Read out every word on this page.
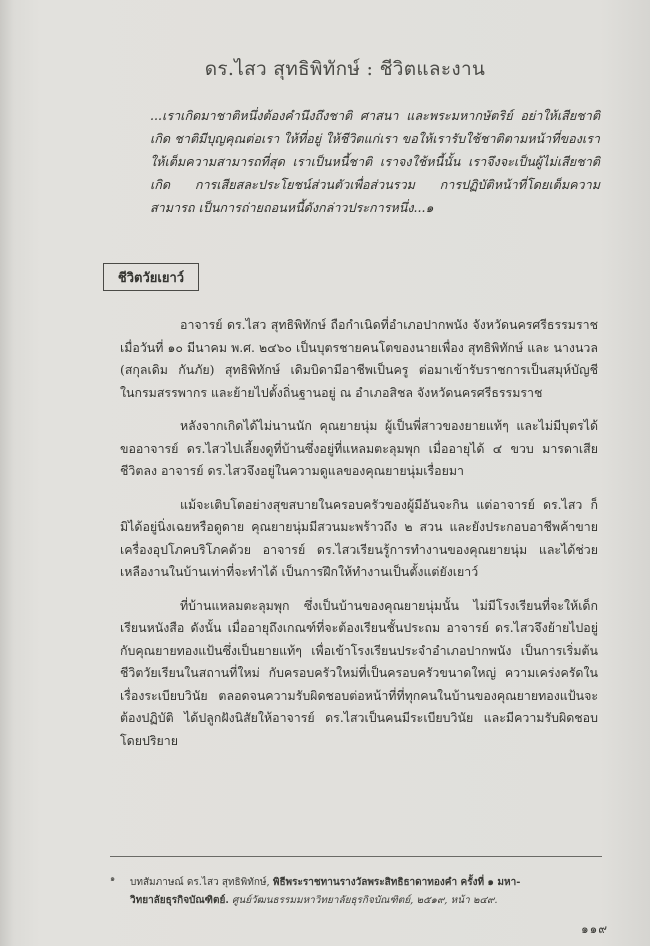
ดร.ไสว สุทธิพิทักษ์ : ชีวิตและงาน

...เราเกิดมาชาติหนึ่งต้องคำนึงถึงชาติ ศาสนา และพระมหากษัตริย์ อย่าให้เสียชาติเกิด ชาติมีบุญคุณต่อเรา ให้ที่อยู่ ให้ชีวิตแก่เรา ขอให้เรารับใช้ชาติตามหน้าที่ของเราให้เต็มความสามารถที่สุด เราเป็นหนี้ชาติ เราจงใช้หนี้นั้น เราจึงจะเป็นผู้ไม่เสียชาติเกิด การเสียสละประโยชน์ส่วนตัวเพื่อส่วนรวม การปฏิบัติหน้าที่โดยเต็มความสามารถ เป็นการถ่ายถอนหนี้ดังกล่าวประการหนึ่ง...๑

ชีวิตวัยเยาว์

อาจารย์ ดร.ไสว สุทธิพิทักษ์ ถือกำเนิดที่อำเภอปากพนัง จังหวัดนครศรีธรรมราช เมื่อวันที่ ๑๐ มีนาคม พ.ศ. ๒๔๖๐ เป็นบุตรชายคนโตของนายเพื่อง สุทธิพิทักษ์ และ นางนวล (สกุลเดิม กันภัย) สุทธิพิทักษ์ เดิมบิดามีอาชีพเป็นครู ต่อมาเข้ารับราชการเป็นสมุห์บัญชี ในกรมสรรพากร และย้ายไปตั้งถิ่นฐานอยู่ ณ อำเภอสิชล จังหวัดนครศรีธรรมราช

หลังจากเกิดได้ไม่นานนัก คุณยายนุ่ม ผู้เป็นพี่สาวของยายแท้ๆ และไม่มีบุตรได้ขออาจารย์ ดร.ไสวไปเลี้ยงดูที่บ้านซึ่งอยู่ที่แหลมตะลุมพุก เมื่ออายุได้ ๔ ขวบ มารดาเสียชีวิตลง อาจารย์ ดร.ไสวจึงอยู่ในความดูแลของคุณยายนุ่มเรื่อยมา

แม้จะเติบโตอย่างสุขสบายในครอบครัวของผู้มีอันจะกิน แต่อาจารย์ ดร.ไสว ก็มิได้อยู่นิ่งเฉยหรือดูดาย คุณยายนุ่มมีสวนมะพร้าวถึง ๒ สวน และยังประกอบอาชีพค้าขายเครื่องอุปโภคบริโภคด้วย อาจารย์ ดร.ไสวเรียนรู้การทำงานของคุณยายนุ่ม และได้ช่วยเหลืองานในบ้านเท่าที่จะทำได้ เป็นการฝึกให้ทำงานเป็นตั้งแต่ยังเยาว์

ที่บ้านแหลมตะลุมพุก ซึ่งเป็นบ้านของคุณยายนุ่มนั้น ไม่มีโรงเรียนที่จะให้เด็กเรียนหนังสือ ดังนั้น เมื่ออายุถึงเกณฑ์ที่จะต้องเรียนชั้นประถม อาจารย์ ดร.ไสวจึงย้ายไปอยู่กับคุณยายทองแป้นซึ่งเป็นยายแท้ๆ เพื่อเข้าโรงเรียนประจำอำเภอปากพนัง เป็นการเริ่มต้นชีวิตวัยเรียนในสถานที่ใหม่ กับครอบครัวใหม่ที่เป็นครอบครัวขนาดใหญ่ ความเคร่งครัดในเรื่องระเบียบวินัย ตลอดจนความรับผิดชอบต่อหน้าที่ที่ทุกคนในบ้านของคุณยายทองแป้นจะต้องปฏิบัติ ได้ปลูกฝังนิสัยให้อาจารย์ ดร.ไสวเป็นคนมีระเบียบวินัย และมีความรับผิดชอบโดยปริยาย

๑	บทสัมภาษณ์ ดร.ไสว สุทธิพิทักษ์, พิธีพระราชทานรางวัลพระสิทธิธาดาทองคำ ครั้งที่ ๑ มหา-
วิทยาลัยธุรกิจบัณฑิตย์. ศูนย์วัฒนธรรมมหาวิทยาลัยธุรกิจบัณฑิตย์, ๒๕๑๙, หน้า ๒๔๙.
๑๑๙
